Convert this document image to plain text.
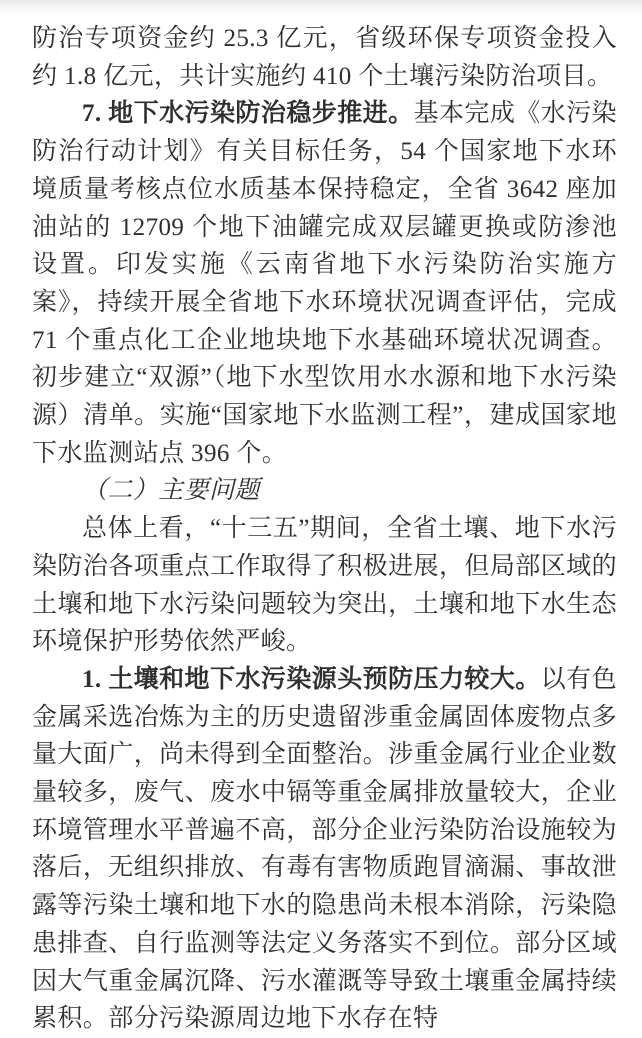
防治专项资金约 25.3 亿元，省级环保专项资金投入约 1.8 亿元，共计实施约 410 个土壤污染防治项目。

7. 地下水污染防治稳步推进。基本完成《水污染防治行动计划》有关目标任务，54 个国家地下水环境质量考核点位水质基本保持稳定，全省 3642 座加油站的 12709 个地下油罐完成双层罐更换或防渗池设置。印发实施《云南省地下水污染防治实施方案》，持续开展全省地下水环境状况调查评估，完成 71 个重点化工企业地块地下水基础环境状况调查。初步建立“双源”（地下水型饮用水水源和地下水污染源）清单。实施“国家地下水监测工程”，建成国家地下水监测站点 396 个。

（二）主要问题

总体上看，“十三五”期间，全省土壤、地下水污染防治各项重点工作取得了积极进展，但局部区域的土壤和地下水污染问题较为突出，土壤和地下水生态环境保护形势依然严峻。

1. 土壤和地下水污染源头预防压力较大。以有色金属采选冶炼为主的历史遗留涉重金属固体废物点多量大面广，尚未得到全面整治。涉重金属行业企业数量较多，废气、废水中镉等重金属排放量较大，企业环境管理水平普遍不高，部分企业污染防治设施较为落后，无组织排放、有毒有害物质跑冒滴漏、事故泄露等污染土壤和地下水的隐患尚未根本消除，污染隐患排查、自行监测等法定义务落实不到位。部分区域因大气重金属沉降、污水灌溉等导致土壤重金属持续累积。部分污染源周边地下水存在特
